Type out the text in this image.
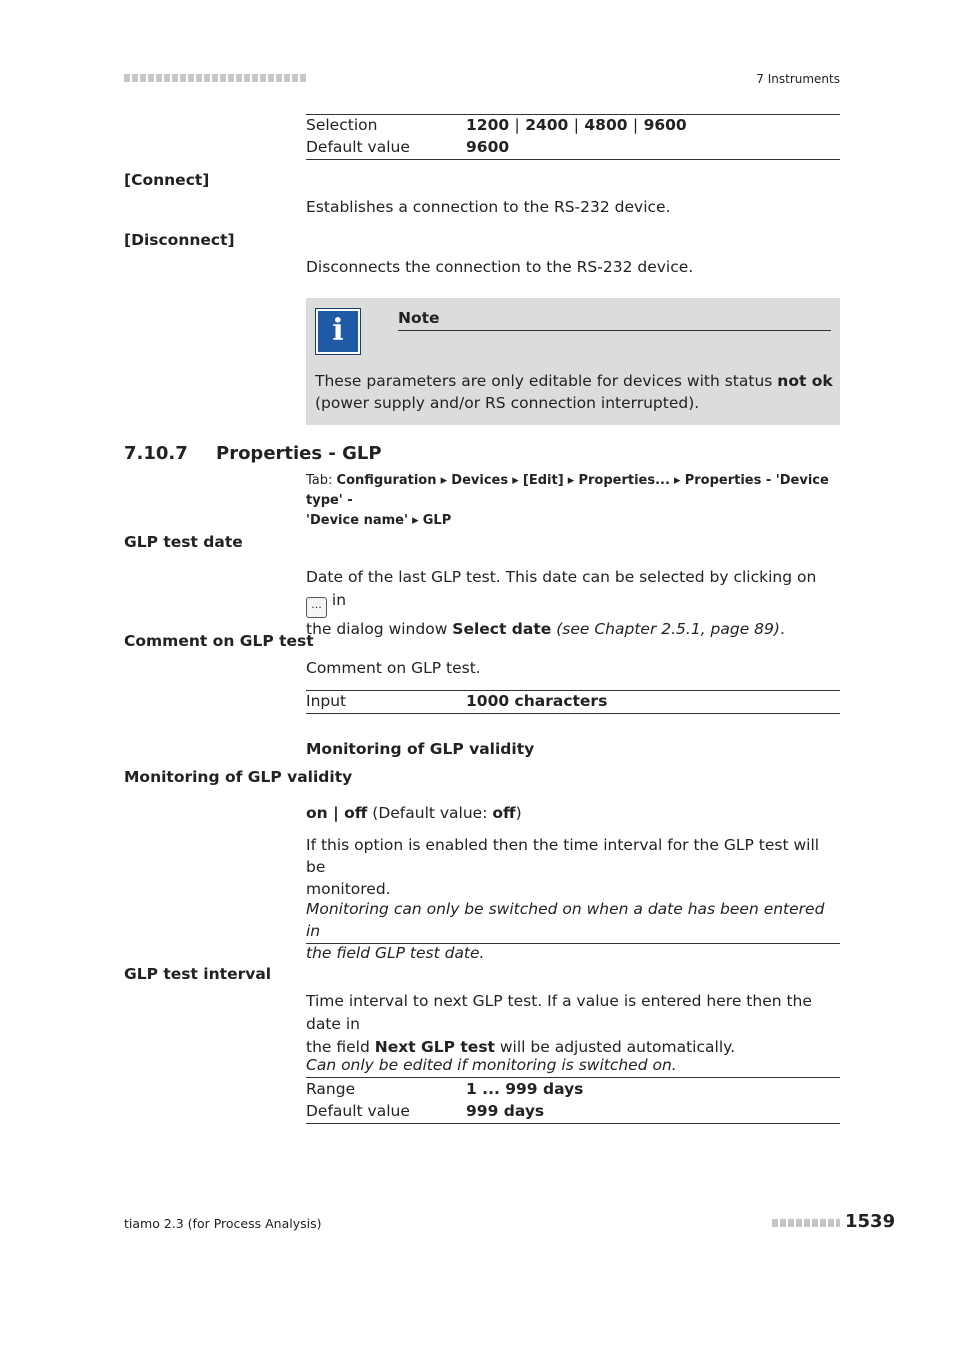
7 Instruments
Selection	1200 | 2400 | 4800 | 9600
Default value	9600
[Connect]
Establishes a connection to the RS-232 device.
[Disconnect]
Disconnects the connection to the RS-232 device.
i	Note
These parameters are only editable for devices with status not ok
(power supply and/or RS connection interrupted).
7.10.7 Properties - GLP
Tab: Configuration ▸ Devices ▸ [Edit] ▸ Properties... ▸ Properties - 'Device type' -
'Device name' ▸ GLP
GLP test date
Date of the last GLP test. This date can be selected by clicking on ... in
the dialog window Select date (see Chapter 2.5.1, page 89).
Comment on GLP test
Comment on GLP test.
Input	1000 characters
Monitoring of GLP validity
Monitoring of GLP validity
on | off (Default value: off)
If this option is enabled then the time interval for the GLP test will be
monitored.
Monitoring can only be switched on when a date has been entered in
the field GLP test date.
GLP test interval
Time interval to next GLP test. If a value is entered here then the date in
the field Next GLP test will be adjusted automatically.
Can only be edited if monitoring is switched on.
Range	1 ... 999 days
Default value	999 days
tiamo 2.3 (for Process Analysis)	1539
